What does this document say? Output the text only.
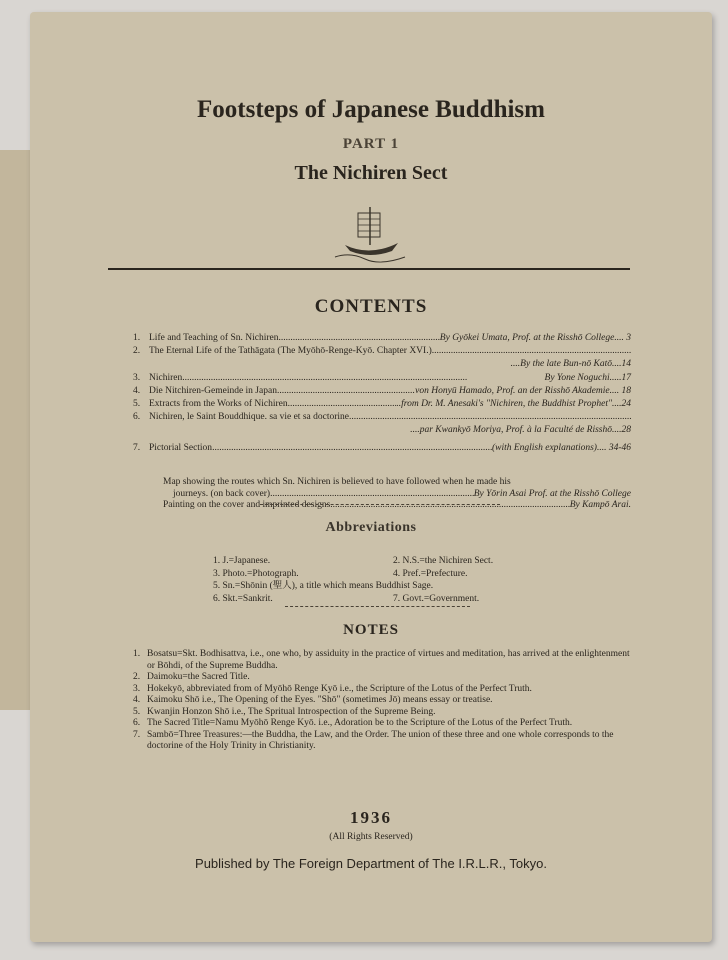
Footsteps of Japanese Buddhism
PART 1
The Nichiren Sect
CONTENTS
1. Life and Teaching of Sn. Nichiren .....	By Gyōkei Umata, Prof. at the Risshō College.... 3
2. The Eternal Life of the Tathāgata (The Myōhō-Renge-Kyō. Chapter XVI.)
.....
....By the late Bun-nō Katō....14
3. Nichiren .....	By Yone Noguchi.....17
4. Die Nitchiren-Gemeinde in Japan .....	von Honyū Hamado, Prof. an der Risshō Akademie.... 18
5. Extracts from the Works of Nichiren .....	..from Dr. M. Anesaki's "Nichiren, the Buddhist Prophet"....24
6. Nichiren, le Saint Bouddhique. sa vie et sa doctorine...
.....
....par Kwankyō Moriya, Prof. à la Faculté de Risshō....28
7. Pictorial Section .....	(with English explanations).... 34-46
Map showing the routes which Sn. Nichiren is believed to have followed when he made his
journeys. (on back cover) .....	By Yōrin Asai Prof. at the Risshō College
Painting on the cover and imprinted designs .....	By Kampō Arai.
Abbreviations
1. J.=Japanese.	2. N.S.=the Nichiren Sect.
3. Photo.=Photograph.	4. Pref.=Prefecture.
5. Sn.=Shōnin (聖人), a title which means Buddhist Sage.
6. Skt.=Sankrit.	7. Govt.=Government.
NOTES
1. Bosatsu=Skt. Bodhisattva, i.e., one who, by assiduity in the practice of virtues and meditation, has arrived at the enlightenment or Bōhdi, of the Supreme Buddha.
2. Daimoku=the Sacred Title.
3. Hokekyō, abbreviated from of Myōhō Renge Kyō i.e., the Scripture of the Lotus of the Perfect Truth.
4. Kaimoku Shō i.e., The Opening of the Eyes. "Shō" (sometimes Jō) means essay or treatise.
5. Kwanjin Honzon Shō i.e., The Spritual Introspection of the Supreme Being.
6. The Sacred Title=Namu Myōhō Renge Kyō. i.e., Adoration be to the Scripture of the Lotus of the Perfect Truth.
7. Sambō=Three Treasures:—the Buddha, the Law, and the Order. The union of these three and one whole corresponds to the doctorine of the Holy Trinity in Christianity.
1936
(All Rights Reserved)
Published by The Foreign Department of The I.R.L.R., Tokyo.
